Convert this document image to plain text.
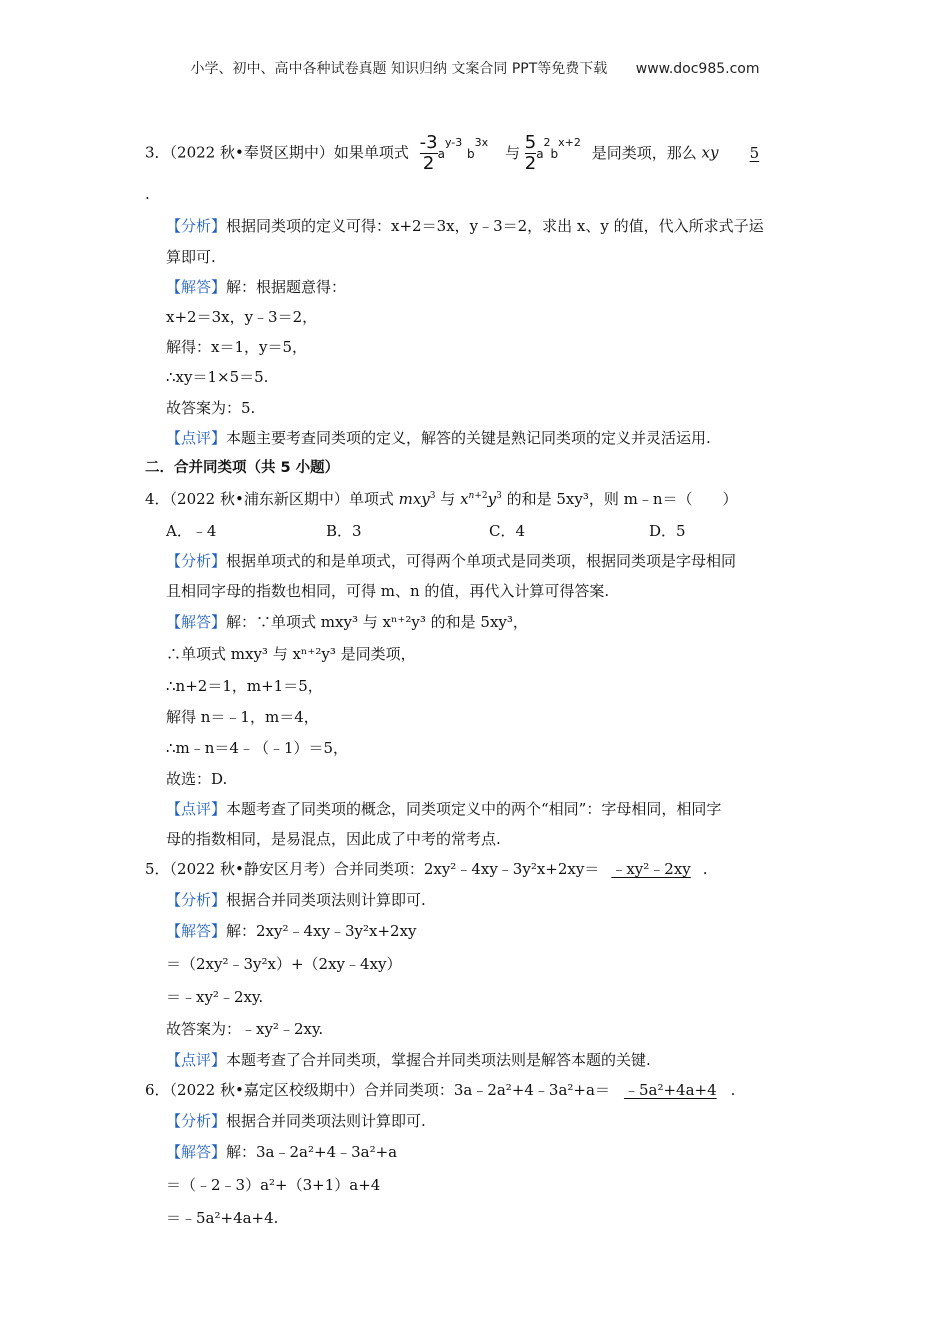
小学、初中、高中各种试卷真题 知识归纳 文案合同 PPT等免费下载 www.doc985.com
3．（2022 秋•奉贤区期中）如果单项式 $\frac{-3}{2} a^{y-3}$ $b^{3x}$ 与 $\frac{5}{2} a^2b^{x+2}$ 是同类项，那么 xy 5
.
【分析】根据同类项的定义可得：x+2＝3x，y﹣3＝2，求出 x、y 的值，代入所求式子运
算即可.
【解答】解：根据题意得：
x+2＝3x，y﹣3＝2，
解得：x＝1，y＝5，
∴xy＝1×5＝5.
故答案为：5.
【点评】本题主要考查同类项的定义，解答的关键是熟记同类项的定义并灵活运用.
二．合并同类项（共 5 小题）
4．（2022 秋•浦东新区期中）单项式 mxy$^3$ 与 $x^{n+2}y^3$ 的和是 5xy³，则 m﹣n＝（　　）
A．﹣4	B．3	C．4	D．5
【分析】根据单项式的和是单项式，可得两个单项式是同类项，根据同类项是字母相同
且相同字母的指数也相同，可得 m、n 的值，再代入计算可得答案.
【解答】解：∵单项式 mxy³ 与 xⁿ⁺²y³ 的和是 5xy³，
∴单项式 mxy³ 与 xⁿ⁺²y³ 是同类项，
∴n+2＝1，m+1＝5，
解得 n＝﹣1，m＝4，
∴m﹣n＝4﹣（﹣1）＝5，
故选：D.
【点评】本题考查了同类项的概念，同类项定义中的两个“相同”：字母相同，相同字
母的指数相同，是易混点，因此成了中考的常考点.
5．（2022 秋•静安区月考）合并同类项：2xy²﹣4xy﹣3y²x+2xy＝ ﹣xy²﹣2xy .
【分析】根据合并同类项法则计算即可.
【解答】解：2xy²﹣4xy﹣3y²x+2xy
＝（2xy²﹣3y²x）+（2xy﹣4xy）
＝﹣xy²﹣2xy.
故答案为：﹣xy²﹣2xy.
【点评】本题考查了合并同类项，掌握合并同类项法则是解答本题的关键.
6．（2022 秋•嘉定区校级期中）合并同类项：3a﹣2a²+4﹣3a²+a＝ ﹣5a²+4a+4 .
【分析】根据合并同类项法则计算即可.
【解答】解：3a﹣2a²+4﹣3a²+a
＝（﹣2﹣3）a²+（3+1）a+4
＝﹣5a²+4a+4.
